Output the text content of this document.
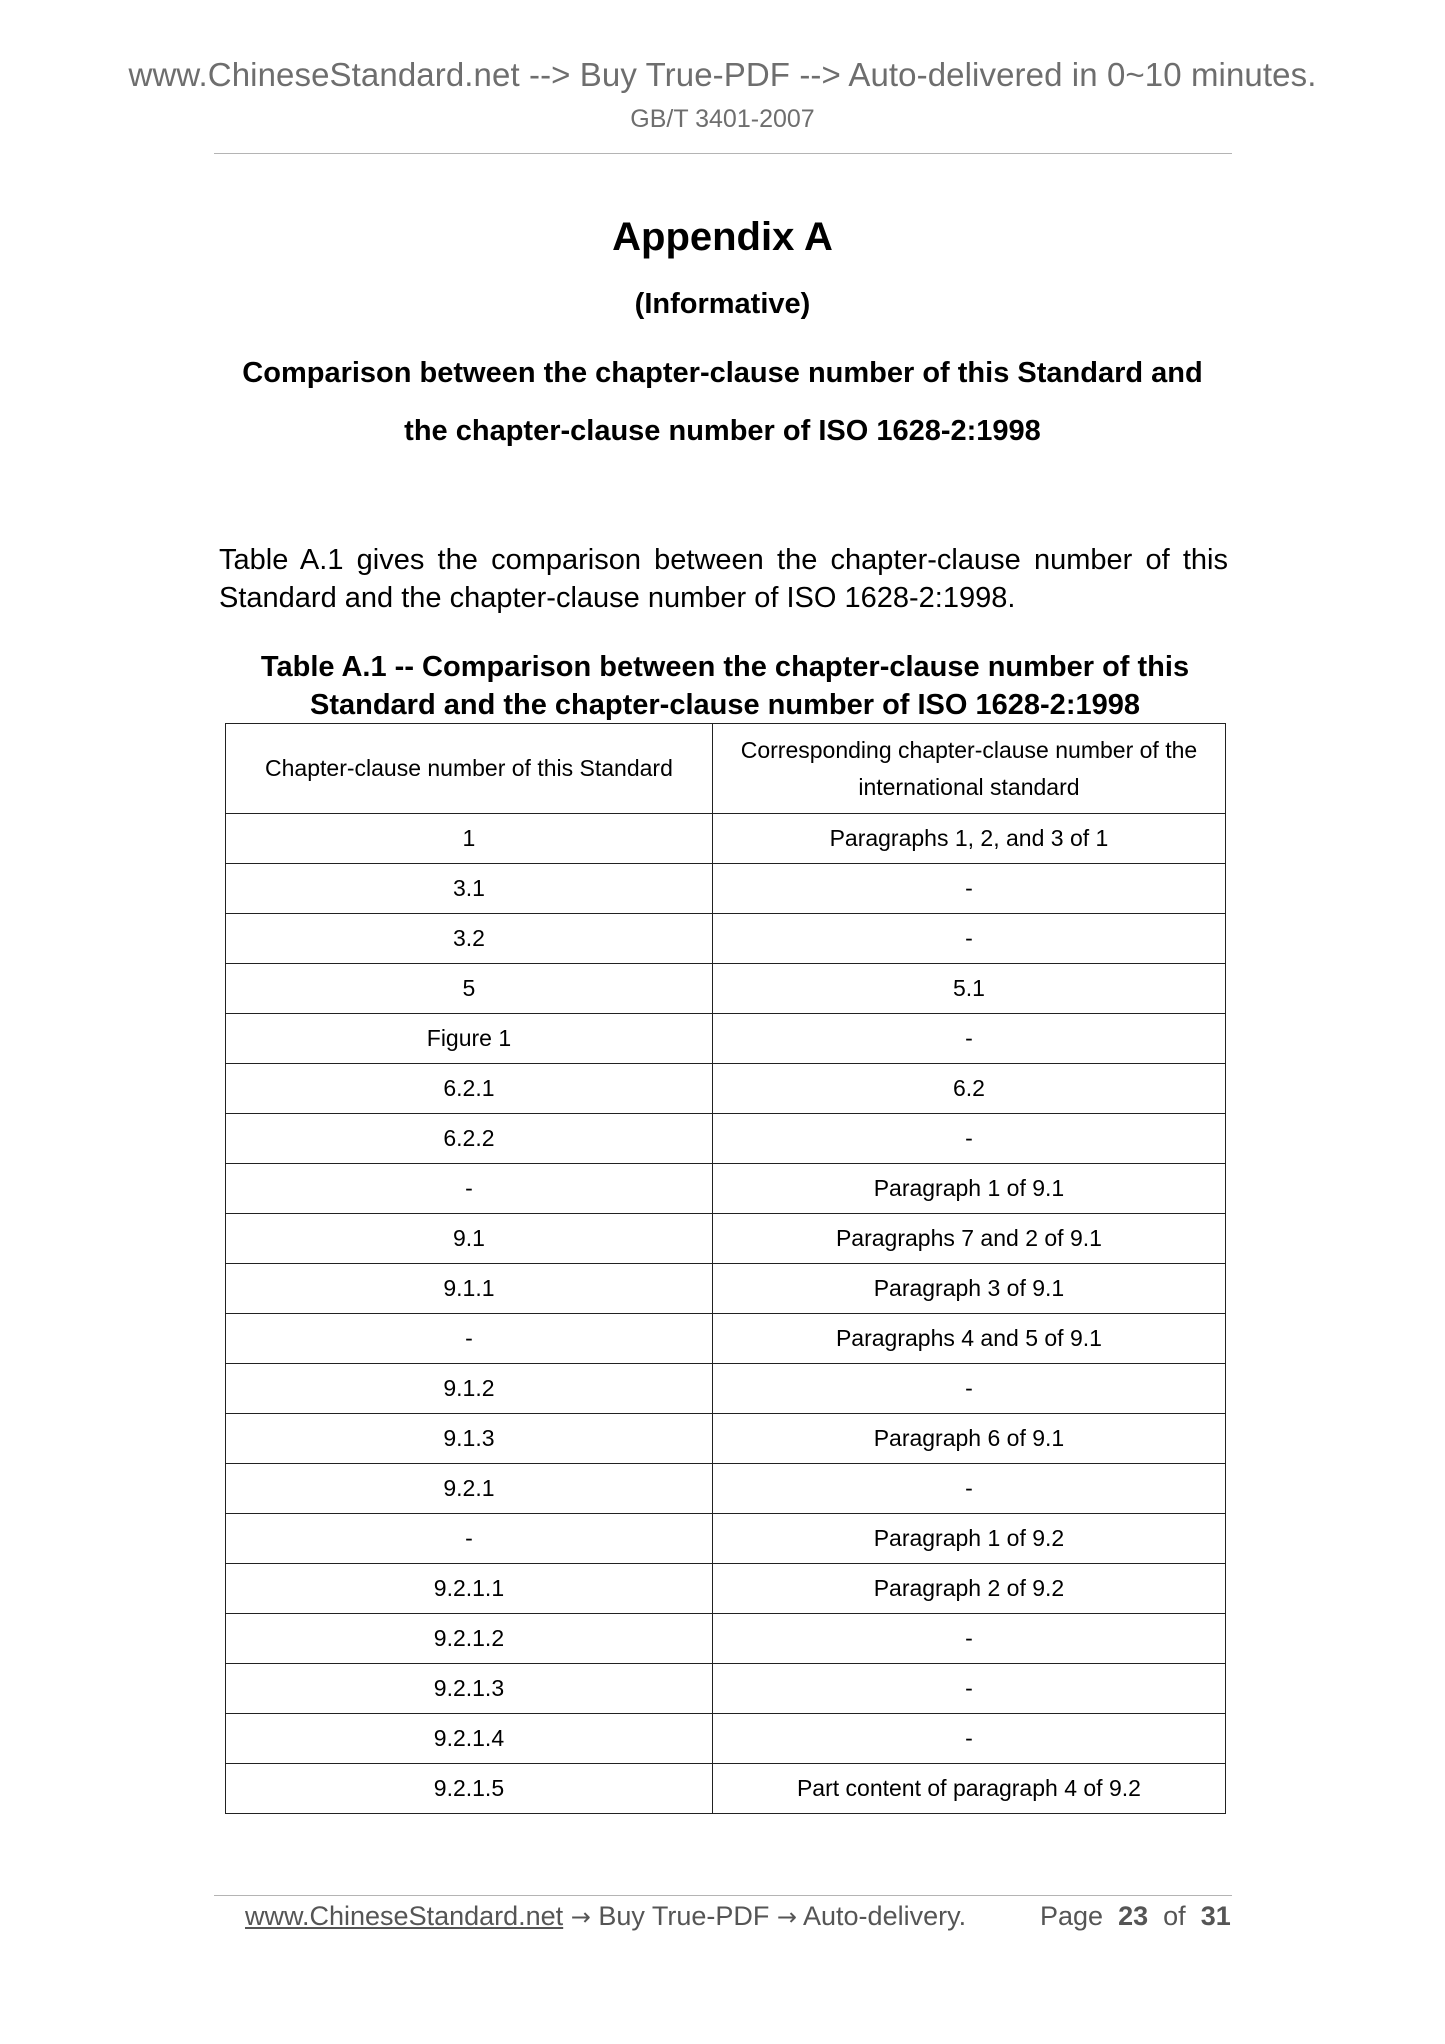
www.ChineseStandard.net --> Buy True-PDF --> Auto-delivered in 0~10 minutes.
GB/T 3401-2007
Appendix A
(Informative)
Comparison between the chapter-clause number of this Standard and
the chapter-clause number of ISO 1628-2:1998
Table A.1 gives the comparison between the chapter-clause number of this Standard and the chapter-clause number of ISO 1628-2:1998.
Table A.1 -- Comparison between the chapter-clause number of this
Standard and the chapter-clause number of ISO 1628-2:1998
Chapter-clause number of this Standard	Corresponding chapter-clause number of the international standard
1	Paragraphs 1, 2, and 3 of 1
3.1	-
3.2	-
5	5.1
Figure 1	-
6.2.1	6.2
6.2.2	-
-	Paragraph 1 of 9.1
9.1	Paragraphs 7 and 2 of 9.1
9.1.1	Paragraph 3 of 9.1
-	Paragraphs 4 and 5 of 9.1
9.1.2	-
9.1.3	Paragraph 6 of 9.1
9.2.1	-
-	Paragraph 1 of 9.2
9.2.1.1	Paragraph 2 of 9.2
9.2.1.2	-
9.2.1.3	-
9.2.1.4	-
9.2.1.5	Part content of paragraph 4 of 9.2
www.ChineseStandard.net → Buy True-PDF → Auto-delivery.	Page 23 of 31
